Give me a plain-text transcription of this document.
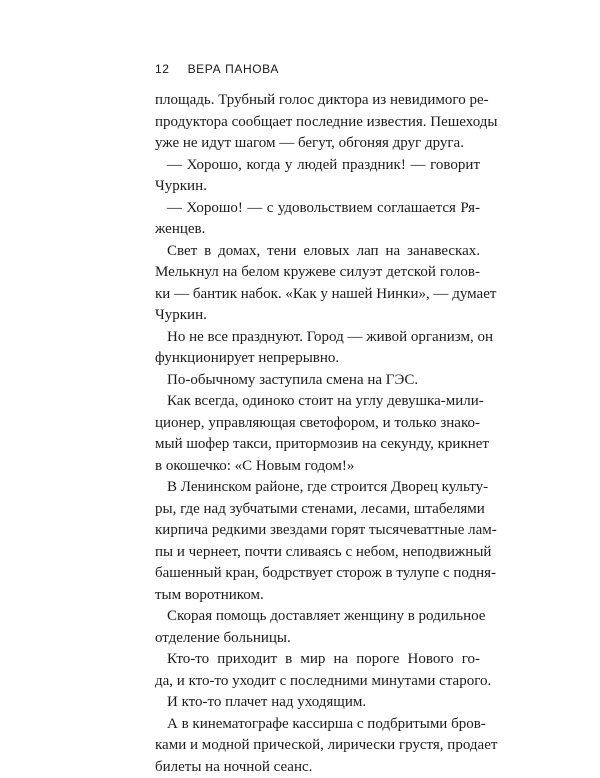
12 ВЕРА ПАНОВА
площадь. Трубный голос диктора из невидимого ре-
продуктора сообщает последние известия. Пешеходы
уже не идут шагом — бегут, обгоняя друг друга.
— Хорошо, когда у людей праздник! — говорит
Чуркин.
— Хорошо! — с удовольствием соглашается Ря-
женцев.
Свет в домах, тени еловых лап на занавесках.
Мелькнул на белом кружеве силуэт детской голов-
ки — бантик набок. «Как у нашей Нинки», — думает
Чуркин.
Но не все празднуют. Город — живой организм, он
функционирует непрерывно.
По-обычному заступила смена на ГЭС.
Как всегда, одиноко стоит на углу девушка-мили-
ционер, управляющая светофором, и только знако-
мый шофер такси, притормозив на секунду, крикнет
в окошечко: «С Новым годом!»
В Ленинском районе, где строится Дворец культу-
ры, где над зубчатыми стенами, лесами, штабелями
кирпича редкими звездами горят тысячеваттные лам-
пы и чернеет, почти сливаясь с небом, неподвижный
башенный кран, бодрствует сторож в тулупе с подня-
тым воротником.
Скорая помощь доставляет женщину в родильное
отделение больницы.
Кто-то приходит в мир на пороге Нового го-
да, и кто-то уходит с последними минутами старого.
И кто-то плачет над уходящим.
А в кинематографе кассирша с подбритыми бров-
ками и модной прической, лирически грустя, продает
билеты на ночной сеанс.
